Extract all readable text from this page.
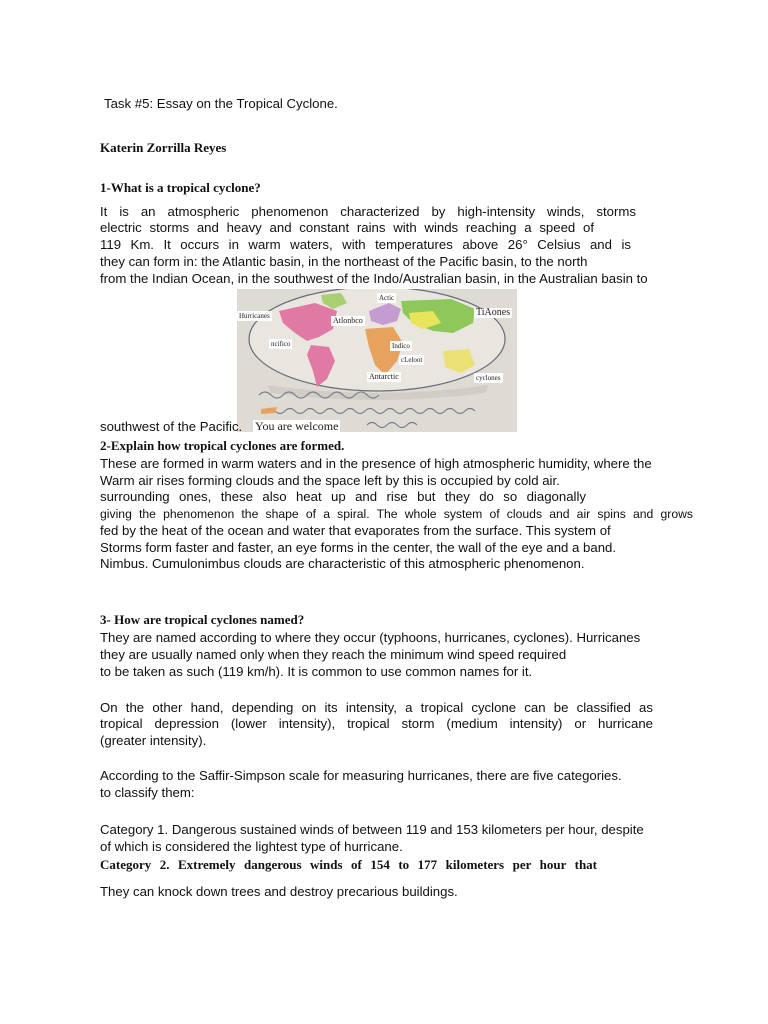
Task #5: Essay on the Tropical Cyclone.
Katerin Zorrilla Reyes
1-What is a tropical cyclone?
It is an atmospheric phenomenon characterized by high-intensity winds, storms
electric storms and heavy and constant rains with winds reaching a speed of
119 Km. It occurs in warm waters, with temperatures above 26° Celsius and is
they can form in: the Atlantic basin, in the northeast of the Pacific basin, to the north
from the Indian Ocean, in the southwest of the Indo/Australian basin, in the Australian basin to
Actic
Hurricanes	Atlonbco
TiAones
ncifico	Indico
cLeloot
Antarctic	cyclones
You are welcome
southwest of the Pacific.
2-Explain how tropical cyclones are formed.
These are formed in warm waters and in the presence of high atmospheric humidity, where the
Warm air rises forming clouds and the space left by this is occupied by cold air.
surrounding ones, these also heat up and rise but they do so diagonally
giving the phenomenon the shape of a spiral. The whole system of clouds and air spins and grows
fed by the heat of the ocean and water that evaporates from the surface. This system of
Storms form faster and faster, an eye forms in the center, the wall of the eye and a band.
Nimbus. Cumulonimbus clouds are characteristic of this atmospheric phenomenon.
3- How are tropical cyclones named?
They are named according to where they occur (typhoons, hurricanes, cyclones). Hurricanes
they are usually named only when they reach the minimum wind speed required
to be taken as such (119 km/h). It is common to use common names for it.
On the other hand, depending on its intensity, a tropical cyclone can be classified as
tropical depression (lower intensity), tropical storm (medium intensity) or hurricane
(greater intensity).
According to the Saffir-Simpson scale for measuring hurricanes, there are five categories.
to classify them:
Category 1. Dangerous sustained winds of between 119 and 153 kilometers per hour, despite
of which is considered the lightest type of hurricane.
Category 2. Extremely dangerous winds of 154 to 177 kilometers per hour that
They can knock down trees and destroy precarious buildings.
